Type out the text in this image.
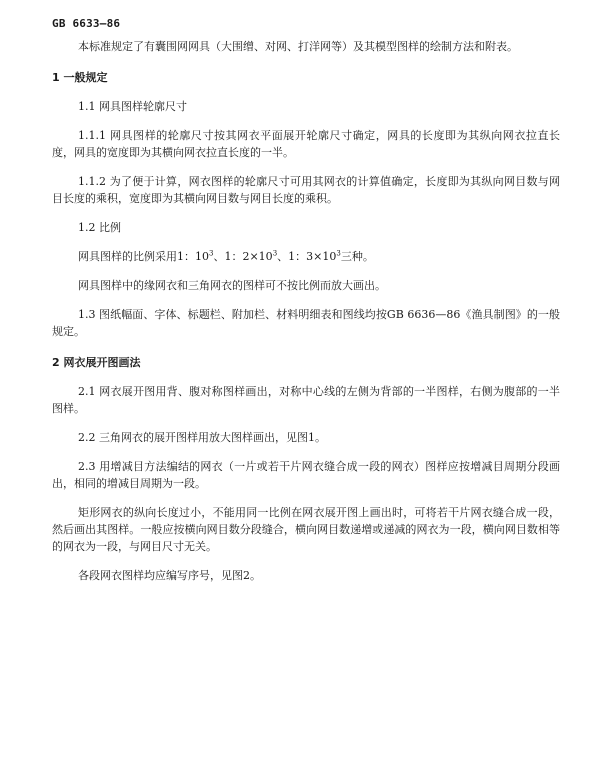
GB 6633—86

本标准规定了有囊围网网具（大围缯、对网、打洋网等）及其模型图样的绘制方法和附表。

1 一般规定

1.1 网具图样轮廓尺寸

1.1.1 网具图样的轮廓尺寸按其网衣平面展开轮廓尺寸确定，网具的长度即为其纵向网衣拉直长度，网具的宽度即为其横向网衣拉直长度的一半。

1.1.2 为了便于计算，网衣图样的轮廓尺寸可用其网衣的计算值确定，长度即为其纵向网目数与网目长度的乘积，宽度即为其横向网目数与网目长度的乘积。

1.2 比例

网具图样的比例采用1：$10^3$、1：$2\times 10^3$、1：$3\times 10^3$三种。

网具图样中的缘网衣和三角网衣的图样可不按比例而放大画出。

1.3 图纸幅面、字体、标题栏、附加栏、材料明细表和图线均按GB 6636—86《渔具制图》的一般规定。

2 网衣展开图画法

2.1 网衣展开图用背、腹对称图样画出，对称中心线的左侧为背部的一半图样，右侧为腹部的一半图样。

2.2 三角网衣的展开图样用放大图样画出，见图1。

2.3 用增减目方法编结的网衣（一片或若干片网衣缝合成一段的网衣）图样应按增减目周期分段画出，相同的增减目周期为一段。

矩形网衣的纵向长度过小，不能用同一比例在网衣展开图上画出时，可将若干片网衣缝合成一段，然后画出其图样。一般应按横向网目数分段缝合，横向网目数递增或递减的网衣为一段，横向网目数相等的网衣为一段，与网目尺寸无关。

各段网衣图样均应编写序号，见图2。
